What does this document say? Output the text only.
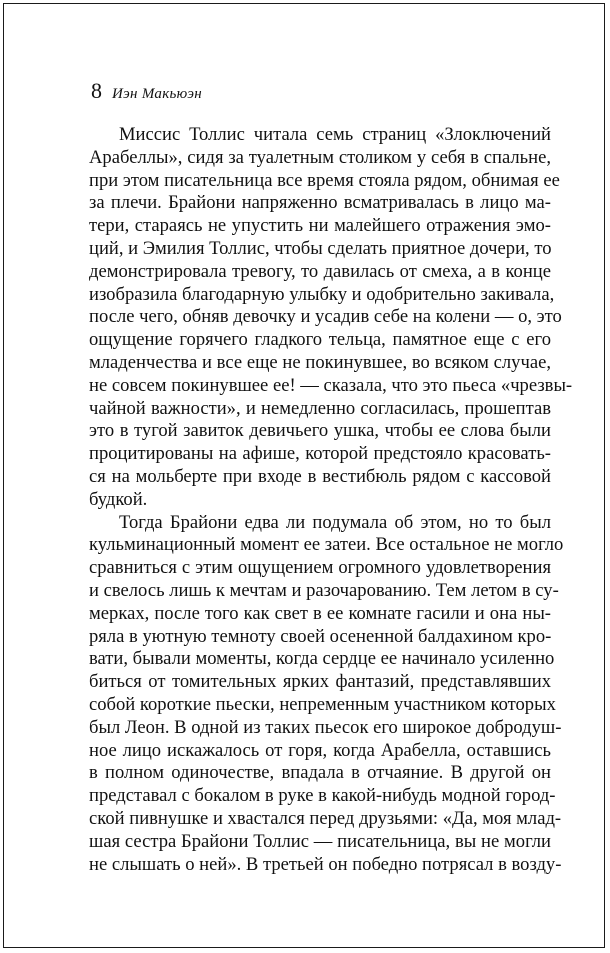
8 Иэн Макьюэн
Миссис Толлис читала семь страниц «Злоключений
Арабеллы», сидя за туалетным столиком у себя в спальне,
при этом писательница все время стояла рядом, обнимая ее
за плечи. Брайони напряженно всматривалась в лицо ма-
тери, стараясь не упустить ни малейшего отражения эмо-
ций, и Эмилия Толлис, чтобы сделать приятное дочери, то
демонстрировала тревогу, то давилась от смеха, а в конце
изобразила благодарную улыбку и одобрительно закивала,
после чего, обняв девочку и усадив себе на колени — о, это
ощущение горячего гладкого тельца, памятное еще с его
младенчества и все еще не покинувшее, во всяком случае,
не совсем покинувшее ее! — сказала, что это пьеса «чрезвы-
чайной важности», и немедленно согласилась, прошептав
это в тугой завиток девичьего ушка, чтобы ее слова были
процитированы на афише, которой предстояло красовать-
ся на мольберте при входе в вестибюль рядом с кассовой
будкой.
Тогда Брайони едва ли подумала об этом, но то был
кульминационный момент ее затеи. Все остальное не могло
сравниться с этим ощущением огромного удовлетворения
и свелось лишь к мечтам и разочарованию. Тем летом в су-
мерках, после того как свет в ее комнате гасили и она ны-
ряла в уютную темноту своей осененной балдахином кро-
вати, бывали моменты, когда сердце ее начинало усиленно
биться от томительных ярких фантазий, представлявших
собой короткие пьески, непременным участником которых
был Леон. В одной из таких пьесок его широкое добродуш-
ное лицо искажалось от горя, когда Арабелла, оставшись
в полном одиночестве, впадала в отчаяние. В другой он
представал с бокалом в руке в какой-нибудь модной город-
ской пивнушке и хвастался перед друзьями: «Да, моя млад-
шая сестра Брайони Толлис — писательница, вы не могли
не слышать о ней». В третьей он победно потрясал в возду-
